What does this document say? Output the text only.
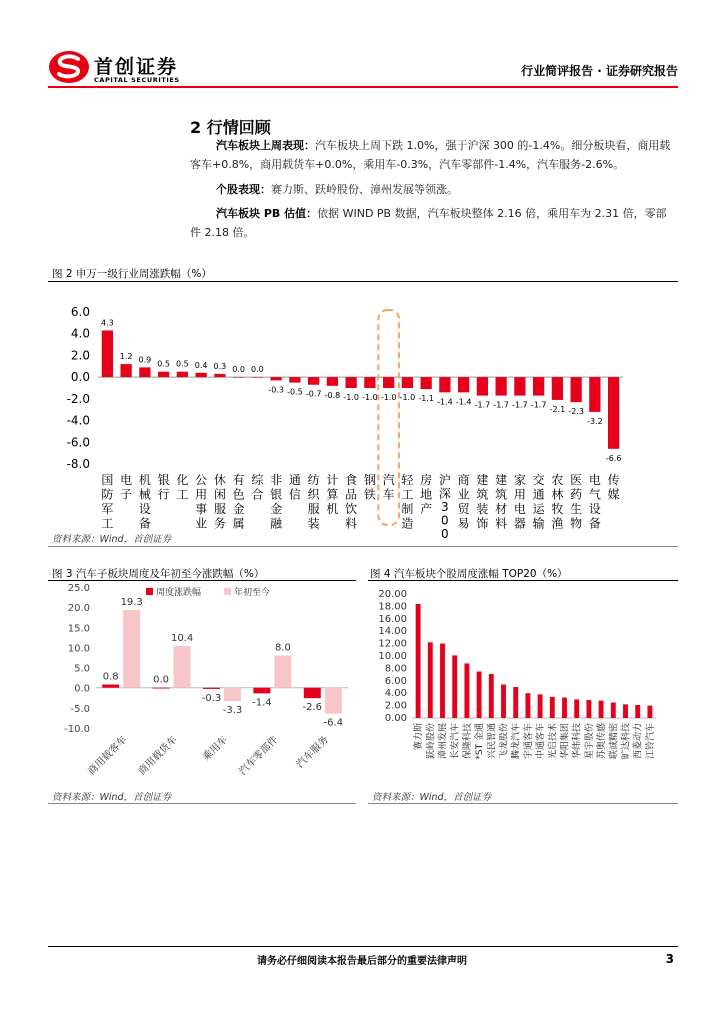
首创证券
CAPITAL SECURITIES
行业简评报告 · 证券研究报告
2 行情回顾
汽车板块上周表现：汽车板块上周下跌 1.0%，强于沪深 300 的-1.4%。细分板块看，商用载客车+0.8%，商用载货车+0.0%，乘用车-0.3%，汽车零部件-1.4%，汽车服务-2.6%。
个股表现：赛力斯、跃岭股份、漳州发展等领涨。
汽车板块 PB 估值：依据 WIND PB 数据，汽车板块整体 2.16 倍，乘用车为 2.31 倍，零部件 2.18 倍。
图 2 申万一级行业周涨跌幅（%）
6.0
4.0
2.0
0.0
-2.0
-4.0
-6.0
-8.0
4.3
国防军工
1.2
电子
0.9
机械设备
0.5
银行
0.5
化工
0.4
公用事业
0.3
休闲服务
0.0
有色金属
0.0
综合
-0.3
非银金融
-0.5
通信
-0.7
纺织服装
-0.8
计算机
-1.0
食品饮料
-1.0
钢铁
-1.0
汽车
-1.0
轻工制造
-1.1
房地产
-1.4
沪深 3 0 0
-1.4
商业贸易
-1.7
建筑装饰
-1.7
建筑材料
-1.7
家用电器
-1.7
交通运输
-2.1
农林牧渔
-2.3
医药生物
-3.2
电气设备
-6.6
传媒
资料来源：Wind，首创证券
图 3 汽车子板块周度及年初至今涨跌幅（%）
25.0
20.0
15.0
10.0
5.0
0.0
-5.0
-10.0
周度涨跌幅	年初至今
0.8
19.3
商用载客车
0.0
10.4
商用载货车
-0.3
-3.3
乘用车
-1.4
8.0
汽车零部件
-2.6
-6.4
汽车服务
资料来源：Wind，首创证券
图 4 汽车板块个股周度涨幅 TOP20（%）
20.00
18.00
16.00
14.00
12.00
10.00
8.00
6.00
4.00
2.00
0.00
赛力斯 跃岭股份 漳州发展 长安汽车 保隆科技 *ST 金通 兴民智通 飞龙股份 腾龙汽车 宇通客车 中通客车 光启技术 华阳集团 华纬科技 星宇股份 苏奥传感 联诚精密 旷达科技 西菱动力 江铃汽车
资料来源：Wind，首创证券
请务必仔细阅读本报告最后部分的重要法律声明	3
